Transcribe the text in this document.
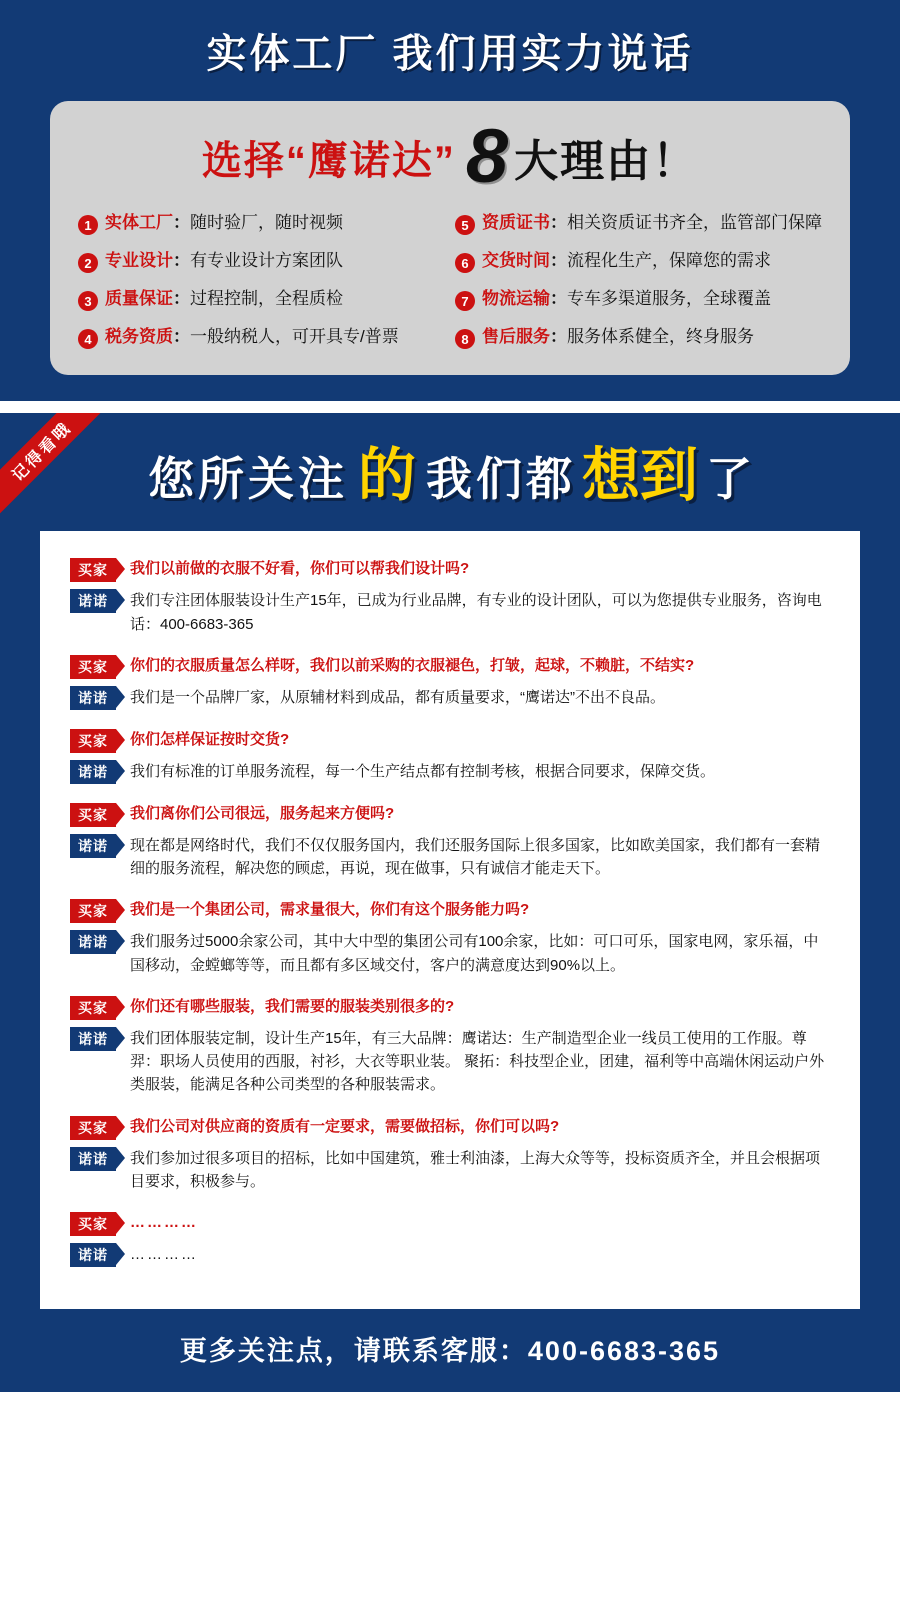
实体工厂 我们用实力说话
选择“鹰诺达” 8 大理由！
1 实体工厂：随时验厂，随时视频	5 资质证书：相关资质证书齐全，监管部门保障
2 专业设计：有专业设计方案团队	6 交货时间：流程化生产，保障您的需求
3 质量保证：过程控制，全程质检	7 物流运输：专车多渠道服务，全球覆盖
4 税务资质：一般纳税人，可开具专/普票	8 售后服务：服务体系健全，终身服务
记得看哦	您所关注 的 我们都 想到 了
买家	我们以前做的衣服不好看，你们可以帮我们设计吗?
诺诺	我们专注团体服装设计生产15年，已成为行业品牌，有专业的设计团队，可以为您提供专业服务，咨询电话：400-6683-365
买家	你们的衣服质量怎么样呀，我们以前采购的衣服褪色，打皱，起球，不赖脏，不结实?
诺诺	我们是一个品牌厂家，从原辅材料到成品，都有质量要求，“鹰诺达”不出不良品。
买家	你们怎样保证按时交货?
诺诺	我们有标准的订单服务流程，每一个生产结点都有控制考核，根据合同要求，保障交货。
买家	我们离你们公司很远，服务起来方便吗?
诺诺	现在都是网络时代，我们不仅仅服务国内，我们还服务国际上很多国家，比如欧美国家，我们都有一套精细的服务流程，解决您的顾虑，再说，现在做事，只有诚信才能走天下。
买家	我们是一个集团公司，需求量很大，你们有这个服务能力吗?
诺诺	我们服务过5000余家公司，其中大中型的集团公司有100余家，比如：可口可乐，国家电网，家乐福，中国移动，金螳螂等等，而且都有多区域交付，客户的满意度达到90%以上。
买家	你们还有哪些服装，我们需要的服装类别很多的?
诺诺	我们团体服装定制，设计生产15年，有三大品牌：鹰诺达：生产制造型企业一线员工使用的工作服。尊羿：职场人员使用的西服，衬衫，大衣等职业装。 聚拓：科技型企业，团建，福利等中高端休闲运动户外类服装，能满足各种公司类型的各种服装需求。
买家	我们公司对供应商的资质有一定要求，需要做招标，你们可以吗?
诺诺	我们参加过很多项目的招标，比如中国建筑，雅士利油漆，上海大众等等，投标资质齐全，并且会根据项目要求，积极参与。
买家	…………
诺诺	…………
更多关注点，请联系客服：400-6683-365
